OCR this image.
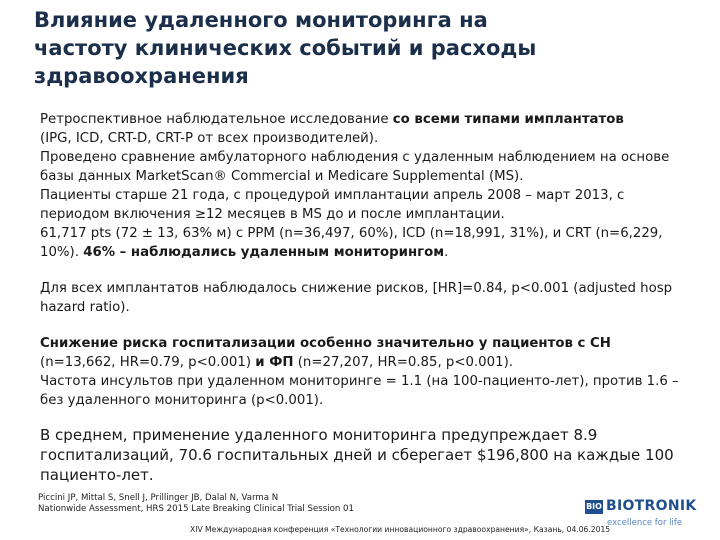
Влияние удаленного мониторинга на
частоту клинических событий и расходы
здравоохранения

Ретроспективное наблюдательное исследование со всеми типами имплантатов

(IPG, ICD, CRT-D, CRT-P от всех производителей).

Проведено сравнение амбулаторного наблюдения с удаленным наблюдением на основе базы данных MarketScan® Commercial и Medicare Supplemental (MS).

Пациенты старше 21 года, с процедурой имплантации апрель 2008 – март 2013, с периодом включения ≥12 месяцев в MS до и после имплантации.

61,717 pts (72 ± 13, 63% м) с PPM (n=36,497, 60%), ICD (n=18,991, 31%), и CRT (n=6,229, 10%). 46% – наблюдались удаленным мониторингом.

Для всех имплантатов наблюдалось снижение рисков, [HR]=0.84, p<0.001 (adjusted hosp hazard ratio).

Снижение риска госпитализации особенно значительно у пациентов с СН (n=13,662, HR=0.79, p<0.001) и ФП (n=27,207, HR=0.85, p<0.001).

Частота инсультов при удаленном мониторинге = 1.1 (на 100-пациенто-лет), против 1.6 – без удаленного мониторинга (p<0.001).

В среднем, применение удаленного мониторинга предупреждает 8.9 госпитализаций, 70.6 госпитальных дней и сберегает $196,800 на каждые 100 пациенто-лет.

Piccini JP, Mittal S, Snell J, Prillinger JB, Dalal N, Varma N
Nationwide Assessment, HRS 2015 Late Breaking Clinical Trial Session 01
XIV Международная конференция «Технологии инновационного здравоохранения», Казань, 04.06.2015
BIO BIOTRONIK
excellence for life
